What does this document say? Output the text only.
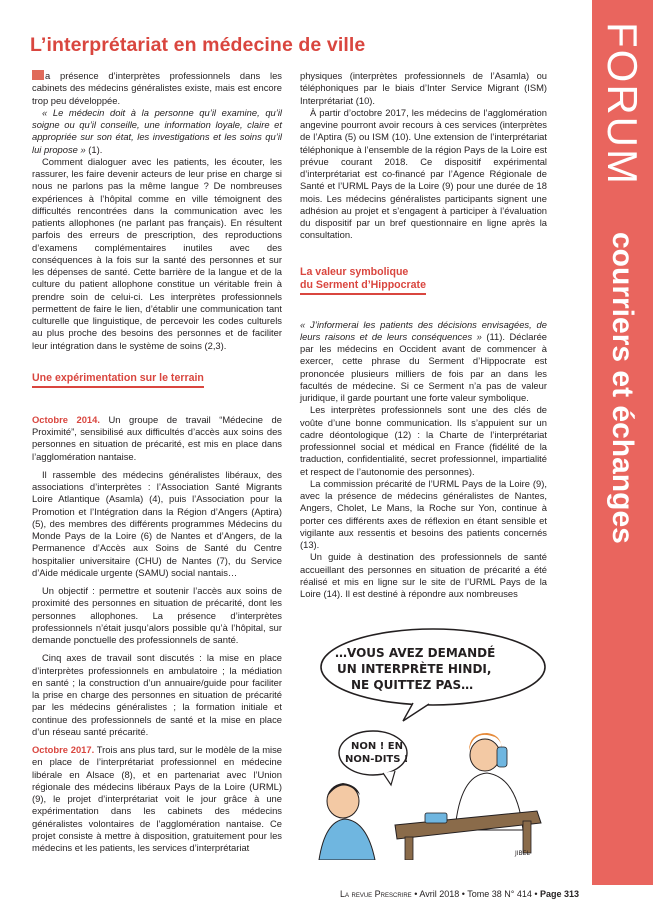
L’interprétariat en médecine de ville

a présence d’interprètes professionnels dans les cabinets des médecins généralistes existe, mais est encore trop peu développée.

« Le médecin doit à la personne qu’il examine, qu’il soigne ou qu’il conseille, une information loyale, claire et appropriée sur son état, les investigations et les soins qu’il lui propose » (1).

Comment dialoguer avec les patients, les écouter, les rassurer, les faire devenir acteurs de leur prise en charge si nous ne parlons pas la même langue ? De nombreuses expériences à l’hôpital comme en ville témoignent des difficultés rencontrées dans la communication avec les patients allophones (ne parlant pas français). En résultent parfois des erreurs de prescription, des reproductions d’examens complémentaires inutiles avec des conséquences à la fois sur la santé des personnes et sur les dépenses de santé. Cette barrière de la langue et de la culture du patient allophone constitue un véritable frein à prendre soin de celui-ci. Les interprètes professionnels permettent de faire le lien, d’établir une communication tant culturelle que linguistique, de percevoir les codes culturels au plus proche des besoins des personnes et de faciliter leur intégration dans le système de soins (2,3).

Une expérimentation sur le terrain

Octobre 2014. Un groupe de travail “Médecine de Proximité”, sensibilisé aux difficultés d’accès aux soins des personnes en situation de précarité, est mis en place dans l’agglomération nantaise.

Il rassemble des médecins généralistes libéraux, des associations d’interprètes : l’Association Santé Migrants Loire Atlantique (Asamla) (4), puis l’Association pour la Promotion et l’Intégration dans la Région d’Angers (Aptira) (5), des membres des différents programmes Médecins du Monde Pays de la Loire (6) de Nantes et d’Angers, de la Permanence d’Accès aux Soins de Santé du Centre hospitalier universitaire (CHU) de Nantes (7), du Service d’Aide médicale urgente (SAMU) social nantais…

Un objectif : permettre et soutenir l’accès aux soins de proximité des personnes en situation de précarité, dont les personnes allophones. La présence d’interprètes professionnels n’était jusqu’alors possible qu’à l’hôpital, sur demande ponctuelle des professionnels de santé.

Cinq axes de travail sont discutés : la mise en place d’interprètes professionnels en ambulatoire ; la médiation en santé ; la construction d’un annuaire/guide pour faciliter la prise en charge des personnes en situation de précarité par les médecins généralistes ; la formation initiale et continue des professionnels de santé et la mise en place d’un réseau santé précarité.

Octobre 2017. Trois ans plus tard, sur le modèle de la mise en place de l’interprétariat professionnel en médecine libérale en Alsace (8), et en partenariat avec l’Union régionale des médecins libéraux Pays de la Loire (URML) (9), le projet d’interprétariat voit le jour grâce à une expérimentation dans les cabinets des médecins généralistes volontaires de l’agglomération nantaise. Ce projet consiste à mettre à disposition, gratuitement pour les médecins et les patients, les services d’interprétariat

physiques (interprètes professionnels de l’Asamla) ou téléphoniques par le biais d’Inter Service Migrant (ISM) Interprétariat (10).

À partir d’octobre 2017, les médecins de l’agglomération angevine pourront avoir recours à ces services (interprètes de l’Aptira (5) ou ISM (10). Une extension de l’interprétariat téléphonique à l’ensemble de la région Pays de la Loire est prévue courant 2018. Ce dispositif expérimental d’interprétariat est co-financé par l’Agence Régionale de Santé et l’URML Pays de la Loire (9) pour une durée de 18 mois. Les médecins généralistes participants signent une adhésion au projet et s’engagent à participer à l’évaluation du dispositif par un bref questionnaire en ligne après la consultation.

La valeur symbolique
du Serment d’Hippocrate

« J’informerai les patients des décisions envisagées, de leurs raisons et de leurs conséquences » (11). Déclarée par les médecins en Occident avant de commencer à exercer, cette phrase du Serment d’Hippocrate est prononcée plusieurs milliers de fois par an dans les facultés de médecine. Si ce Serment n’a pas de valeur juridique, il garde pourtant une forte valeur symbolique.

Les interprètes professionnels sont une des clés de voûte d’une bonne communication. Ils s’appuient sur un cadre déontologique (12) : la Charte de l’interprétariat professionnel social et médical en France (fidélité de la traduction, confidentialité, secret professionnel, impartialité et respect de l’autonomie des personnes).

La commission précarité de l’URML Pays de la Loire (9), avec la présence de médecins généralistes de Nantes, Angers, Cholet, Le Mans, la Roche sur Yon, continue à porter ces différents axes de réflexion en étant sensible et vigilante aux ressentis et besoins des patients concernés (13).

Un guide à destination des professionnels de santé accueillant des personnes en situation de précarité a été réalisé et mis en ligne sur le site de l’URML Pays de la Loire (14). Il est destiné à répondre aux nombreuses

…VOUS AVEZ DEMANDÉ
UN INTERPRÈTE HINDI,
NE QUITTEZ PAS…
NON ! EN
NON-DITS !
JIBEL
FORUM
courriers et échanges
La revue Prescrire • Avril 2018 • Tome 38 N° 414 • Page 313
